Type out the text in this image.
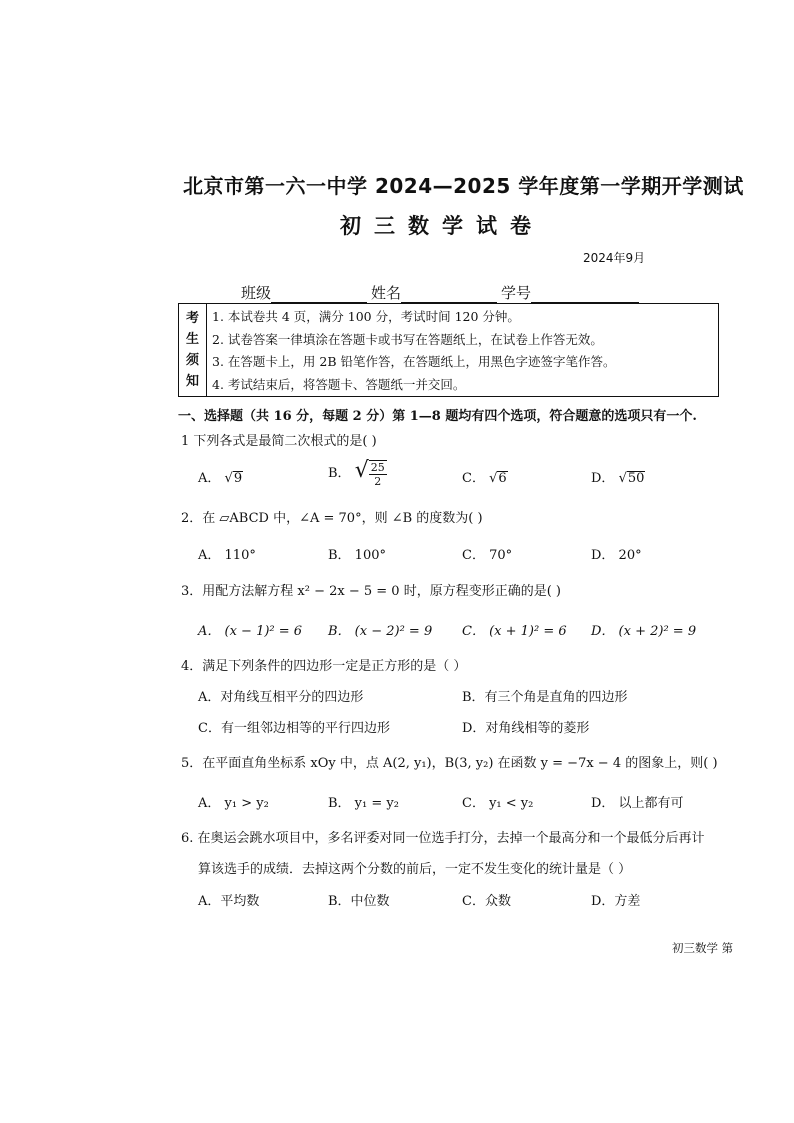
北京市第一六一中学 2024—2025 学年度第一学期开学测试
初三数学试卷
2024年9月
班级	姓名	学号
考
生
须
知
1. 本试卷共 4 页，满分 100 分，考试时间 120 分钟。
2. 试卷答案一律填涂在答题卡或书写在答题纸上，在试卷上作答无效。
3. 在答题卡上，用 2B 铅笔作答，在答题纸上，用黑色字迹签字笔作答。
4. 考试结束后，将答题卡、答题纸一并交回。
一、选择题（共 16 分，每题 2 分）第 1—8 题均有四个选项，符合题意的选项只有一个.
1 下列各式是最简二次根式的是( )
A． √9	B． √ $\frac{25}{2}$	C． √6	D． √50
2．在 ▱ABCD 中，∠A = 70°，则 ∠B 的度数为( )
A． 110°	B． 100°	C． 70°	D． 20°
3．用配方法解方程 x² − 2x − 5 = 0 时，原方程变形正确的是( )
A． (x − 1)² = 6 B． (x − 2)² = 9 C． (x + 1)² = 6 D． (x + 2)² = 9
4．满足下列条件的四边形一定是正方形的是（ ）
A．对角线互相平分的四边形	B．有三个角是直角的四边形
C．有一组邻边相等的平行四边形	D．对角线相等的菱形
5．在平面直角坐标系 xOy 中，点 A(2, y₁)，B(3, y₂) 在函数 y = −7x − 4 的图象上，则( )
A． y₁ > y₂	B． y₁ = y₂	C． y₁ < y₂	D． 以上都有可
6. 在奥运会跳水项目中，多名评委对同一位选手打分，去掉一个最高分和一个最低分后再计
算该选手的成绩．去掉这两个分数的前后，一定不发生变化的统计量是（ ）
A．平均数	B．中位数	C．众数	D．方差
初三数学 第
